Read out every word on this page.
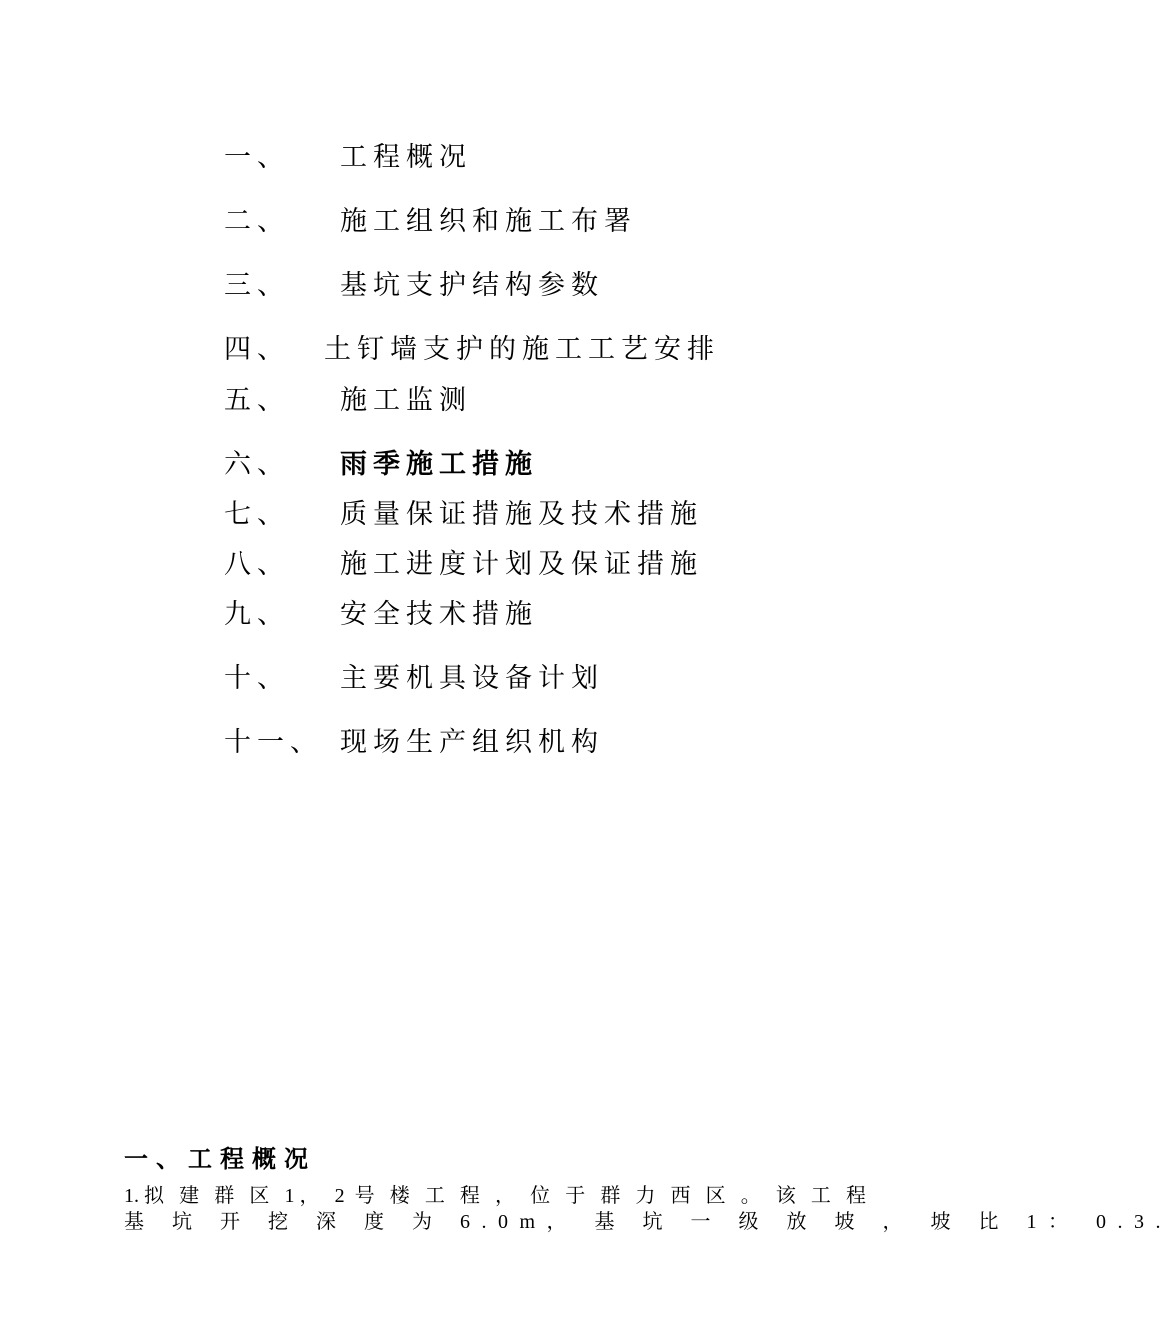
一、 工程概况
二、 施工组织和施工布署
三、 基坑支护结构参数
四、 土钉墙支护的施工工艺安排
五、 施工监测
六、 雨季施工措施
七、 质量保证措施及技术措施
八、 施工进度计划及保证措施
九、 安全技术措施
十、 主要机具设备计划
十一、 现场生产组织机构
一、工程概况
1.拟 建 群 区 1， 2 号 楼 工 程 ， 位 于 群 力 西 区 。 该 工 程
基 坑 开 挖 深 度 为 6.0m， 基 坑 一 级 放 坡 ， 坡 比 1： 0.3.
